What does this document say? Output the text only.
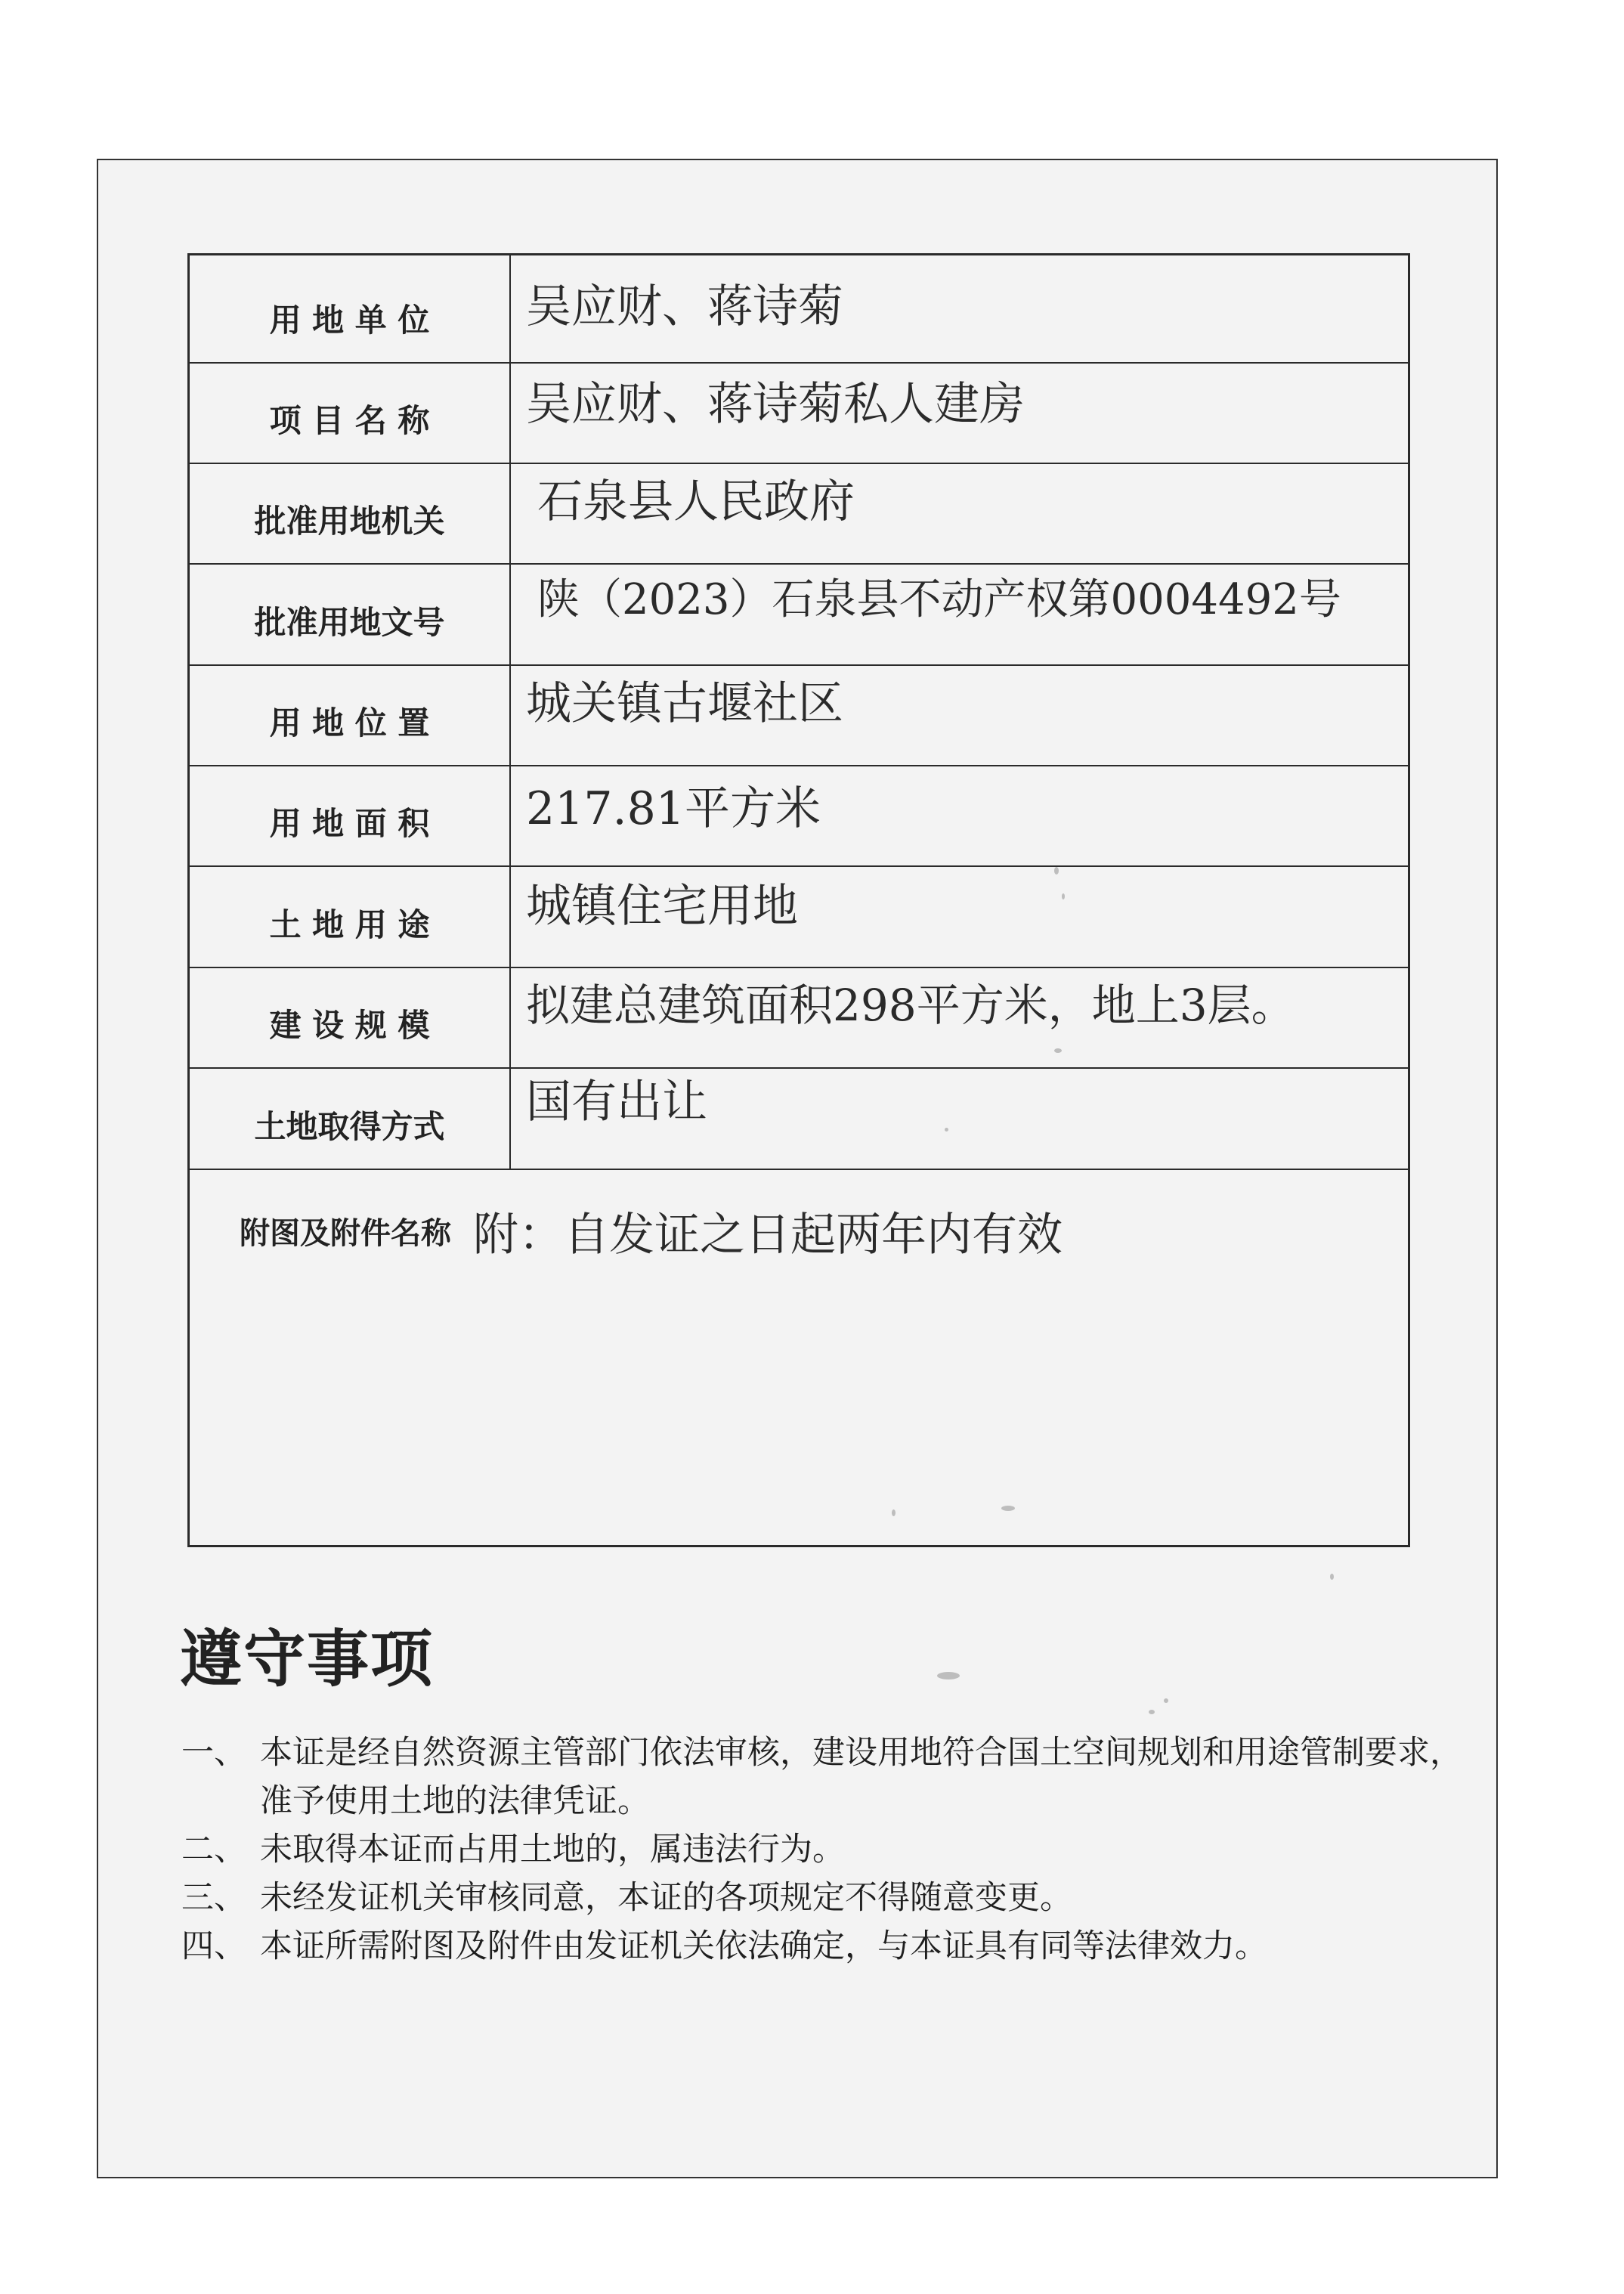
用 地 单 位	吴应财、蒋诗菊
项 目 名 称	吴应财、蒋诗菊私人建房
批准用地机关	石泉县人民政府
批准用地文号	陕（2023）石泉县不动产权第0004492号
用 地 位 置	城关镇古堰社区
用 地 面 积	217.81平方米
土 地 用 途	城镇住宅用地
建 设 规 模	拟建总建筑面积298平方米，地上3层。
土地取得方式	国有出让
附图及附件名称 附：自发证之日起两年内有效
遵守事项

一、 本证是经自然资源主管部门依法审核，建设用地符合国土空间规划和用途管制要求，准予使用土地的法律凭证。

二、 未取得本证而占用土地的，属违法行为。

三、 未经发证机关审核同意，本证的各项规定不得随意变更。

四、 本证所需附图及附件由发证机关依法确定，与本证具有同等法律效力。
